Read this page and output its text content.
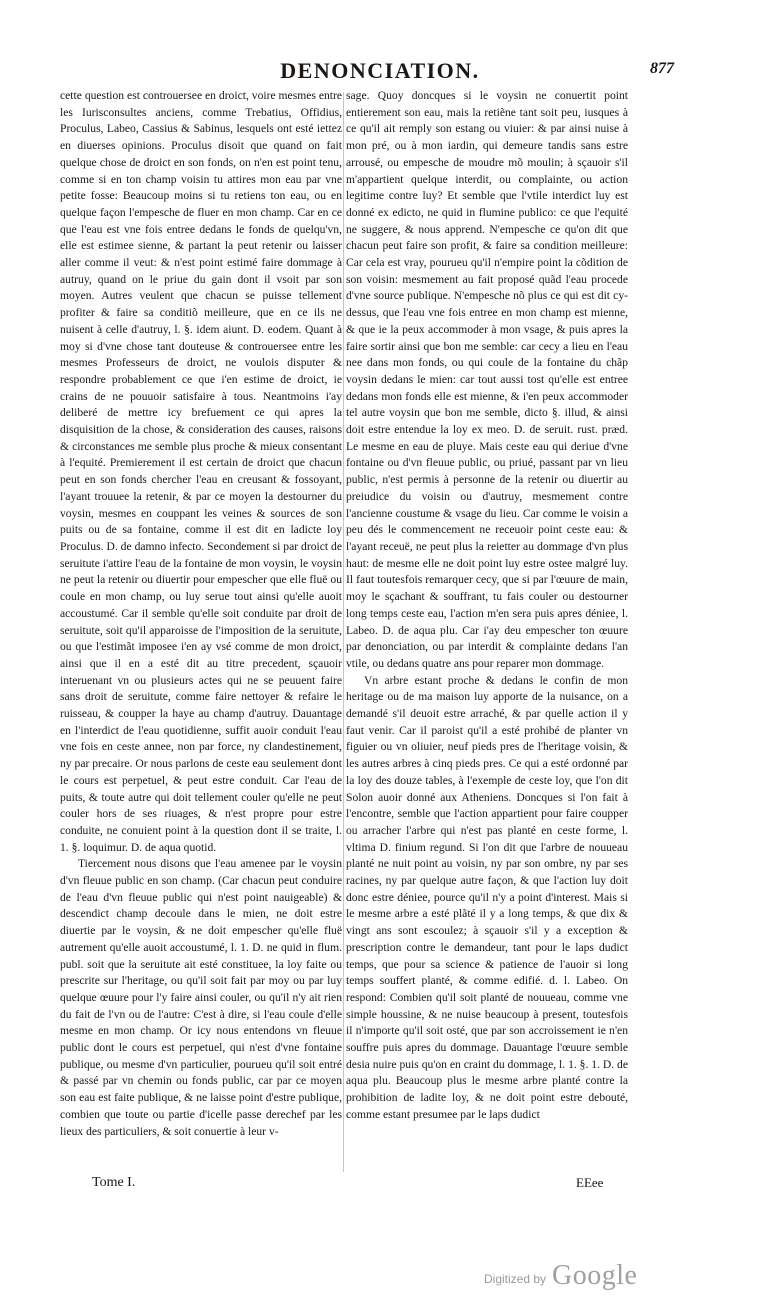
DENONCIATION.	877

cette question est controuersee en droict, voire mesmes entre les Iurisconsultes anciens, comme Trebatius, Offidius, Proculus, Labeo, Cassius & Sabinus, lesquels ont esté iettez en diuerses opinions. Proculus disoit que quand on fait quelque chose de droict en son fonds, on n'en est point tenu, comme si en ton champ voisin tu attires mon eau par vne petite fosse: Beaucoup moins si tu retiens ton eau, ou en quelque façon l'empesche de fluer en mon champ. Car en ce que l'eau est vne fois entree dedans le fonds de quelqu'vn, elle est estimee sienne, & partant la peut retenir ou laisser aller comme il veut: & n'est point estimé faire dommage à autruy, quand on le priue du gain dont il vsoit par son moyen. Autres veulent que chacun se puisse tellement profiter & faire sa conditiõ meilleure, que en ce ils ne nuisent à celle d'autruy, l. §. idem aiunt. D. eodem. Quant à moy si d'vne chose tant douteuse & controuersee entre les mesmes Professeurs de droict, ne voulois disputer & respondre probablement ce que i'en estime de droict, ie crains de ne pouuoir satisfaire à tous. Neantmoins i'ay deliberé de mettre icy brefuement ce qui apres la disquisition de la chose, & consideration des causes, raisons & circonstances me semble plus proche & mieux consentant à l'equité. Premierement il est certain de droict que chacun peut en son fonds chercher l'eau en creusant & fossoyant, l'ayant trouuee la retenir, & par ce moyen la destourner du voysin, mesmes en couppant les veines & sources de son puits ou de sa fontaine, comme il est dit en ladicte loy Proculus. D. de damno infecto. Secondement si par droict de seruitute i'attire l'eau de la fontaine de mon voysin, le voysin ne peut la retenir ou diuertir pour empescher que elle fluë ou coule en mon champ, ou luy serue tout ainsi qu'elle auoit accoustumé. Car il semble qu'elle soit conduite par droit de seruitute, soit qu'il apparoisse de l'imposition de la seruitute, ou que l'estimãt imposee i'en ay vsé comme de mon droict, ainsi que il en a esté dit au titre precedent, sçauoir interuenant vn ou plusieurs actes qui ne se peuuent faire sans droit de seruitute, comme faire nettoyer & refaire le ruisseau, & coupper la haye au champ d'autruy. Dauantage en l'interdict de l'eau quotidienne, suffit auoir conduit l'eau vne fois en ceste annee, non par force, ny clandestinement, ny par precaire. Or nous parlons de ceste eau seulement dont le cours est perpetuel, & peut estre conduit. Car l'eau de puits, & toute autre qui doit tellement couler qu'elle ne peut couler hors de ses riuages, & n'est propre pour estre conduite, ne conuient point à la question dont il se traite, l. 1. §. loquimur. D. de aqua quotid.

Tiercement nous disons que l'eau amenee par le voysin d'vn fleuue public en son champ. (Car chacun peut conduire de l'eau d'vn fleuue public qui n'est point nauigeable) & descendict champ decoule dans le mien, ne doit estre diuertie par le voysin, & ne doit empescher qu'elle fluë autrement qu'elle auoit accoustumé, l. 1. D. ne quid in flum. publ. soit que la seruitute ait esté constituee, la loy faite ou prescrite sur l'heritage, ou qu'il soit fait par moy ou par luy quelque œuure pour l'y faire ainsi couler, ou qu'il n'y ait rien du fait de l'vn ou de l'autre: C'est à dire, si l'eau coule d'elle mesme en mon champ. Or icy nous entendons vn fleuue public dont le cours est perpetuel, qui n'est d'vne fontaine publique, ou mesme d'vn particulier, pourueu qu'il soit entré & passé par vn chemin ou fonds public, car par ce moyen son eau est faite publique, & ne laisse point d'estre publique, combien que toute ou partie d'icelle passe derechef par les lieux des particuliers, & soit conuertie à leur v-

sage. Quoy doncques si le voysin ne conuertit point entierement son eau, mais la retiẽne tant soit peu, iusques à ce qu'il ait remply son estang ou viuier: & par ainsi nuise à mon pré, ou à mon iardin, qui demeure tandis sans estre arrousé, ou empesche de moudre mõ moulin; à sçauoir s'il m'appartient quelque interdit, ou complainte, ou action legitime contre luy? Et semble que l'vtile interdict luy est donné ex edicto, ne quid in flumine publico: ce que l'equité ne suggere, & nous apprend. N'empesche ce qu'on dit que chacun peut faire son profit, & faire sa condition meilleure: Car cela est vray, pourueu qu'il n'empire point la cõdition de son voisin: mesmement au fait proposé quãd l'eau procede d'vne source publique. N'empesche nõ plus ce qui est dit cy-dessus, que l'eau vne fois entree en mon champ est mienne, & que ie la peux accommoder à mon vsage, & puis apres la faire sortir ainsi que bon me semble: car cecy a lieu en l'eau nee dans mon fonds, ou qui coule de la fontaine du chãp voysin dedans le mien: car tout aussi tost qu'elle est entree dedans mon fonds elle est mienne, & i'en peux accommoder tel autre voysin que bon me semble, dicto §. illud, & ainsi doit estre entendue la loy ex meo. D. de seruit. rust. præd. Le mesme en eau de pluye. Mais ceste eau qui deriue d'vne fontaine ou d'vn fleuue public, ou priué, passant par vn lieu public, n'est permis à personne de la retenir ou diuertir au preiudice du voisin ou d'autruy, mesmement contre l'ancienne coustume & vsage du lieu. Car comme le voisin a peu dés le commencement ne receuoir point ceste eau: & l'ayant receuë, ne peut plus la reietter au dommage d'vn plus haut: de mesme elle ne doit point luy estre ostee malgré luy. Il faut toutesfois remarquer cecy, que si par l'œuure de main, moy le sçachant & souffrant, tu fais couler ou destourner long temps ceste eau, l'action m'en sera puis apres déniee, l. Labeo. D. de aqua plu. Car i'ay deu empescher ton œuure par denonciation, ou par interdit & complainte dedans l'an vtile, ou dedans quatre ans pour reparer mon dommage.

Vn arbre estant proche & dedans le confin de mon heritage ou de ma maison luy apporte de la nuisance, on a demandé s'il deuoit estre arraché, & par quelle action il y faut venir. Car il paroist qu'il a esté prohibé de planter vn figuier ou vn oliuier, neuf pieds pres de l'heritage voisin, & les autres arbres à cinq pieds pres. Ce qui a esté ordonné par la loy des douze tables, à l'exemple de ceste loy, que l'on dit Solon auoir donné aux Atheniens. Doncques si l'on fait à l'encontre, semble que l'action appartient pour faire coupper ou arracher l'arbre qui n'est pas planté en ceste forme, l. vltima D. finium regund. Si l'on dit que l'arbre de nouueau planté ne nuit point au voisin, ny par son ombre, ny par ses racines, ny par quelque autre façon, & que l'action luy doit donc estre déniee, pource qu'il n'y a point d'interest. Mais si le mesme arbre a esté plãté il y a long temps, & que dix & vingt ans sont escoulez; à sçauoir s'il y a exception & prescription contre le demandeur, tant pour le laps dudict temps, que pour sa science & patience de l'auoir si long temps souffert planté, & comme edifié. d. l. Labeo. On respond: Combien qu'il soit planté de nouueau, comme vne simple houssine, & ne nuise beaucoup à present, toutesfois il n'importe qu'il soit osté, que par son accroissement ie n'en souffre puis apres du dommage. Dauantage l'œuure semble desia nuire puis qu'on en craint du dommage, l. 1. §. 1. D. de aqua plu. Beaucoup plus le mesme arbre planté contre la prohibition de ladite loy, & ne doit point estre debouté, comme estant presumee par le laps dudict

Tome I.	EEee
Digitized by Google
